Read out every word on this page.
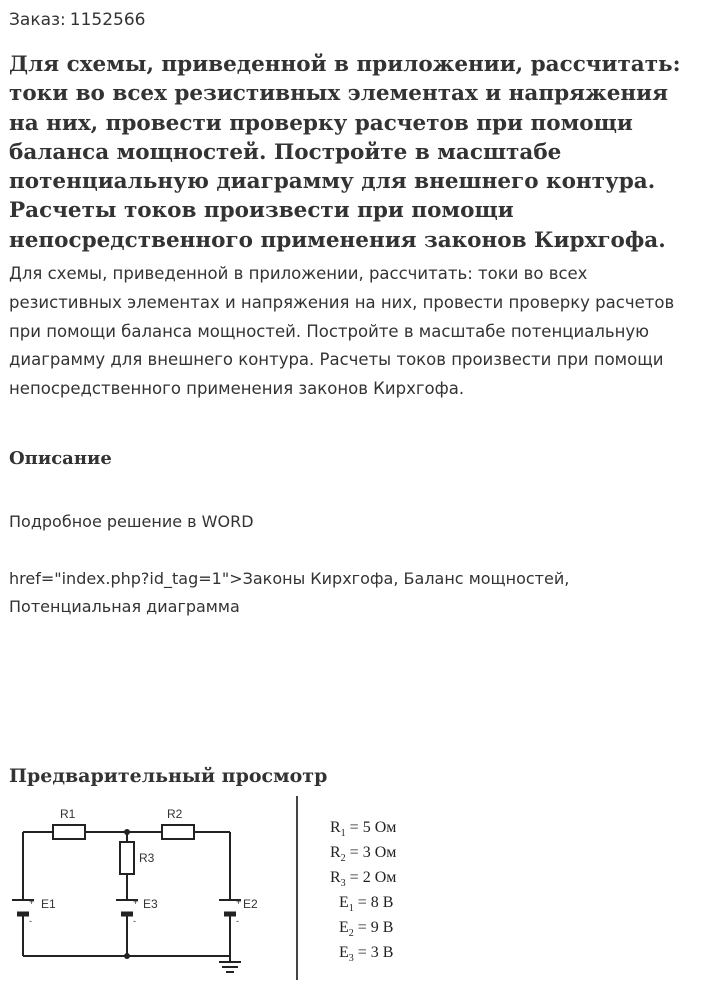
Заказ: 1152566
Для схемы, приведенной в приложении, рассчитать: токи во всех резистивных элементах и напряжения на них, провести проверку расчетов при помощи баланса мощностей. Постройте в масштабе потенциальную диаграмму для внешнего контура. Расчеты токов произвести при помощи непосредственного применения законов Кирхгофа.

Для схемы, приведенной в приложении, рассчитать: токи во всех резистивных элементах и напряжения на них, провести проверку расчетов при помощи баланса мощностей. Постройте в масштабе потенциальную диаграмму для внешнего контура. Расчеты токов произвести при помощи непосредственного применения законов Кирхгофа.

Описание

Подробное решение в WORD

href="index.php?id_tag=1">Законы Кирхгофа, Баланс мощностей, Потенциальная диаграмма

Предварительный просмотр
R1	R2
R3
E1	E3	E2
+
-
+
-
+
-
$R_1 = 5$ Ом
$R_2 = 3$ Ом
$R_3 = 2$ Ом
$E_1 = 8$ В
$E_2 = 9$ В
$E_3 = 3$ В
